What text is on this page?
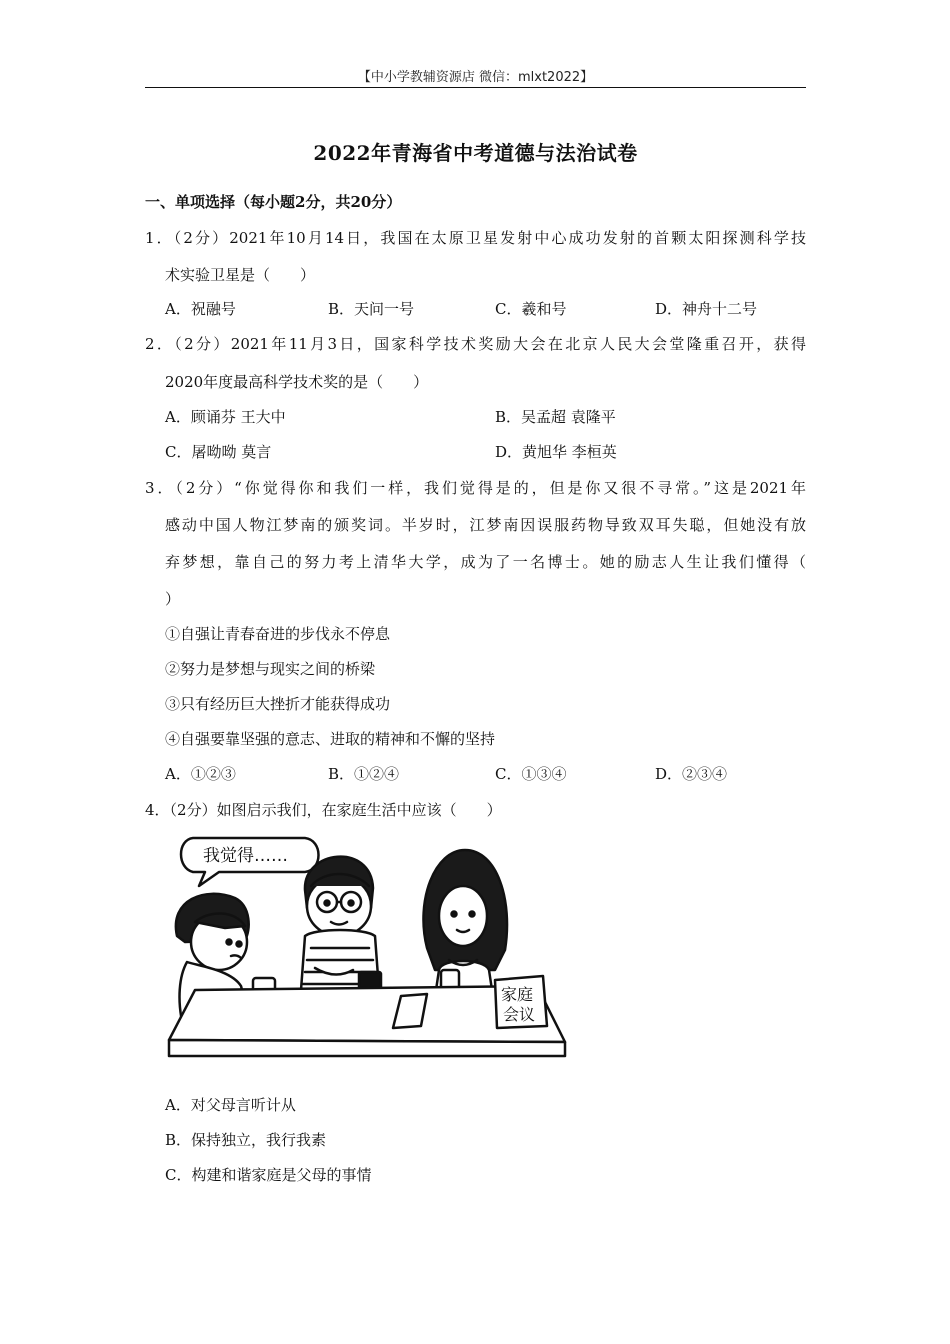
【中小学教辅资源店 微信：mlxt2022】
2022年青海省中考道德与法治试卷
一、单项选择（每小题2分，共20分）
1．（2分）2021年10月14日，我国在太原卫星发射中心成功发射的首颗太阳探测科学技
术实验卫星是（　　）
A．祝融号	B．天问一号	C．羲和号	D．神舟十二号
2．（2分）2021年11月3日，国家科学技术奖励大会在北京人民大会堂隆重召开，获得
2020年度最高科学技术奖的是（　　）
A．顾诵芬 王大中	B．吴孟超 袁隆平
C．屠呦呦 莫言	D．黄旭华 李桓英
3．（2分）“你觉得你和我们一样，我们觉得是的，但是你又很不寻常。”这是2021年
感动中国人物江梦南的颁奖词。半岁时，江梦南因误服药物导致双耳失聪，但她没有放
弃梦想，靠自己的努力考上清华大学，成为了一名博士。她的励志人生让我们懂得（
）
①自强让青春奋进的步伐永不停息
②努力是梦想与现实之间的桥梁
③只有经历巨大挫折才能获得成功
④自强要靠坚强的意志、进取的精神和不懈的坚持
A．①②③	B．①②④	C．①③④	D．②③④
4．（2分）如图启示我们，在家庭生活中应该（　　）
我觉得……
家庭
会议
A．对父母言听计从
B．保持独立，我行我素
C．构建和谐家庭是父母的事情
